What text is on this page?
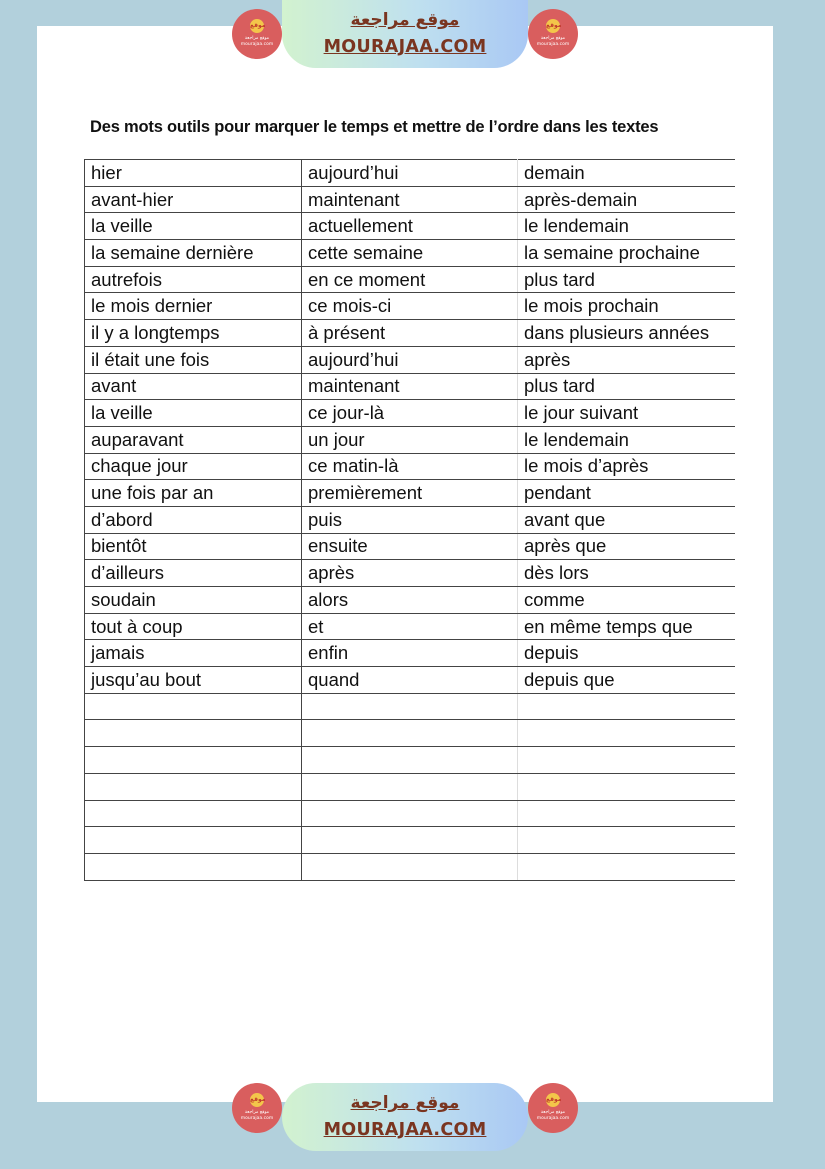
موقع
موقع مراجعة
mourajaa.com
موقع مراجعة
MOURAJAA.COM
موقع
موقع مراجعة
mourajaa.com
Des mots outils pour marquer le temps et mettre de l’ordre dans les textes
hier	aujourd’hui	demain
avant-hier	maintenant	après-demain
la veille	actuellement	le lendemain
la semaine dernière	cette semaine	la semaine prochaine
autrefois	en ce moment	plus tard
le mois dernier	ce mois-ci	le mois prochain
il y a longtemps	à présent	dans plusieurs années
il était une fois	aujourd’hui	après
avant	maintenant	plus tard
la veille	ce jour-là	le jour suivant
auparavant	un jour	le lendemain
chaque jour	ce matin-là	le mois d’après
une fois par an	premièrement	pendant
d’abord	puis	avant que
bientôt	ensuite	après que
d’ailleurs	après	dès lors
soudain	alors	comme
tout à coup	et	en même temps que
jamais	enfin	depuis
jusqu’au bout	quand	depuis que

موقع
موقع مراجعة
mourajaa.com
موقع مراجعة
MOURAJAA.COM
موقع
موقع مراجعة
mourajaa.com
